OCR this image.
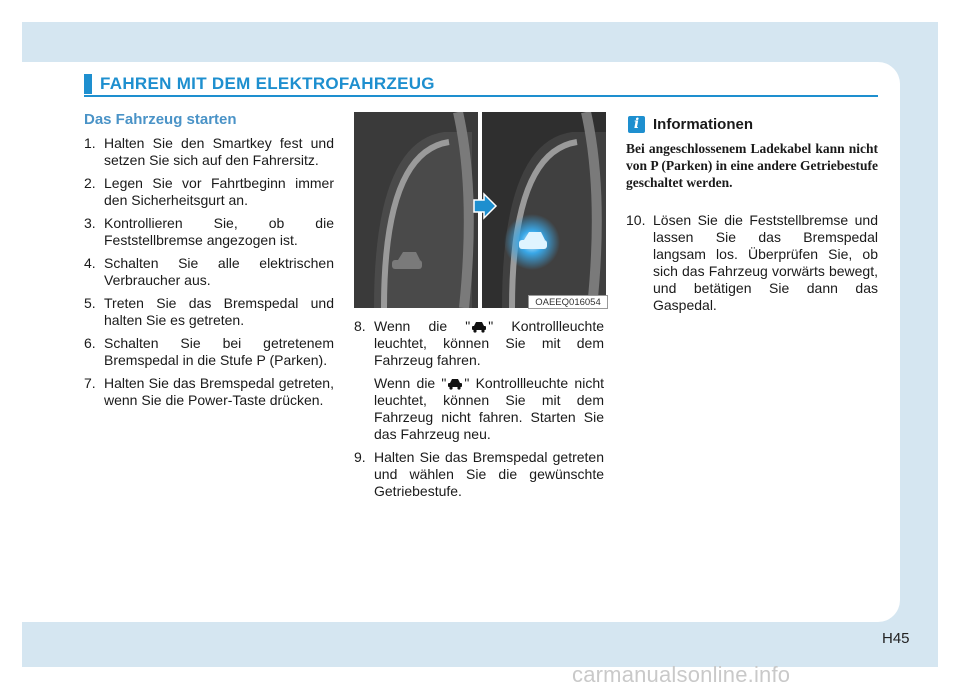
FAHREN MIT DEM ELEKTROFAHRZEUG
Das Fahrzeug starten
1. Halten Sie den Smartkey fest und setzen Sie sich auf den Fahrersitz.
2. Legen Sie vor Fahrtbeginn immer den Sicherheitsgurt an.
3. Kontrollieren Sie, ob die Feststellbremse angezogen ist.
4. Schalten Sie alle elektrischen Verbraucher aus.
5. Treten Sie das Bremspedal und halten Sie es getreten.
6. Schalten Sie bei getretenem Bremspedal in die Stufe P (Parken).
7. Halten Sie das Bremspedal getreten, wenn Sie die Power-Taste drücken.
OAEEQ016054
8. Wenn die " " Kontrollleuchte leuchtet, können Sie mit dem Fahrzeug fahren.
Wenn die " " Kontrollleuchte nicht leuchtet, können Sie mit dem Fahrzeug nicht fahren. Starten Sie das Fahrzeug neu.
9. Halten Sie das Bremspedal getreten und wählen Sie die gewünschte Getriebestufe.
i Informationen
Bei angeschlossenem Ladekabel kann nicht von P (Parken) in eine andere Getriebestufe geschaltet werden.
10. Lösen Sie die Feststellbremse und lassen Sie das Bremspedal langsam los. Überprüfen Sie, ob sich das Fahrzeug vorwärts bewegt, und betätigen Sie dann das Gaspedal.
H45
carmanualsonline.info
